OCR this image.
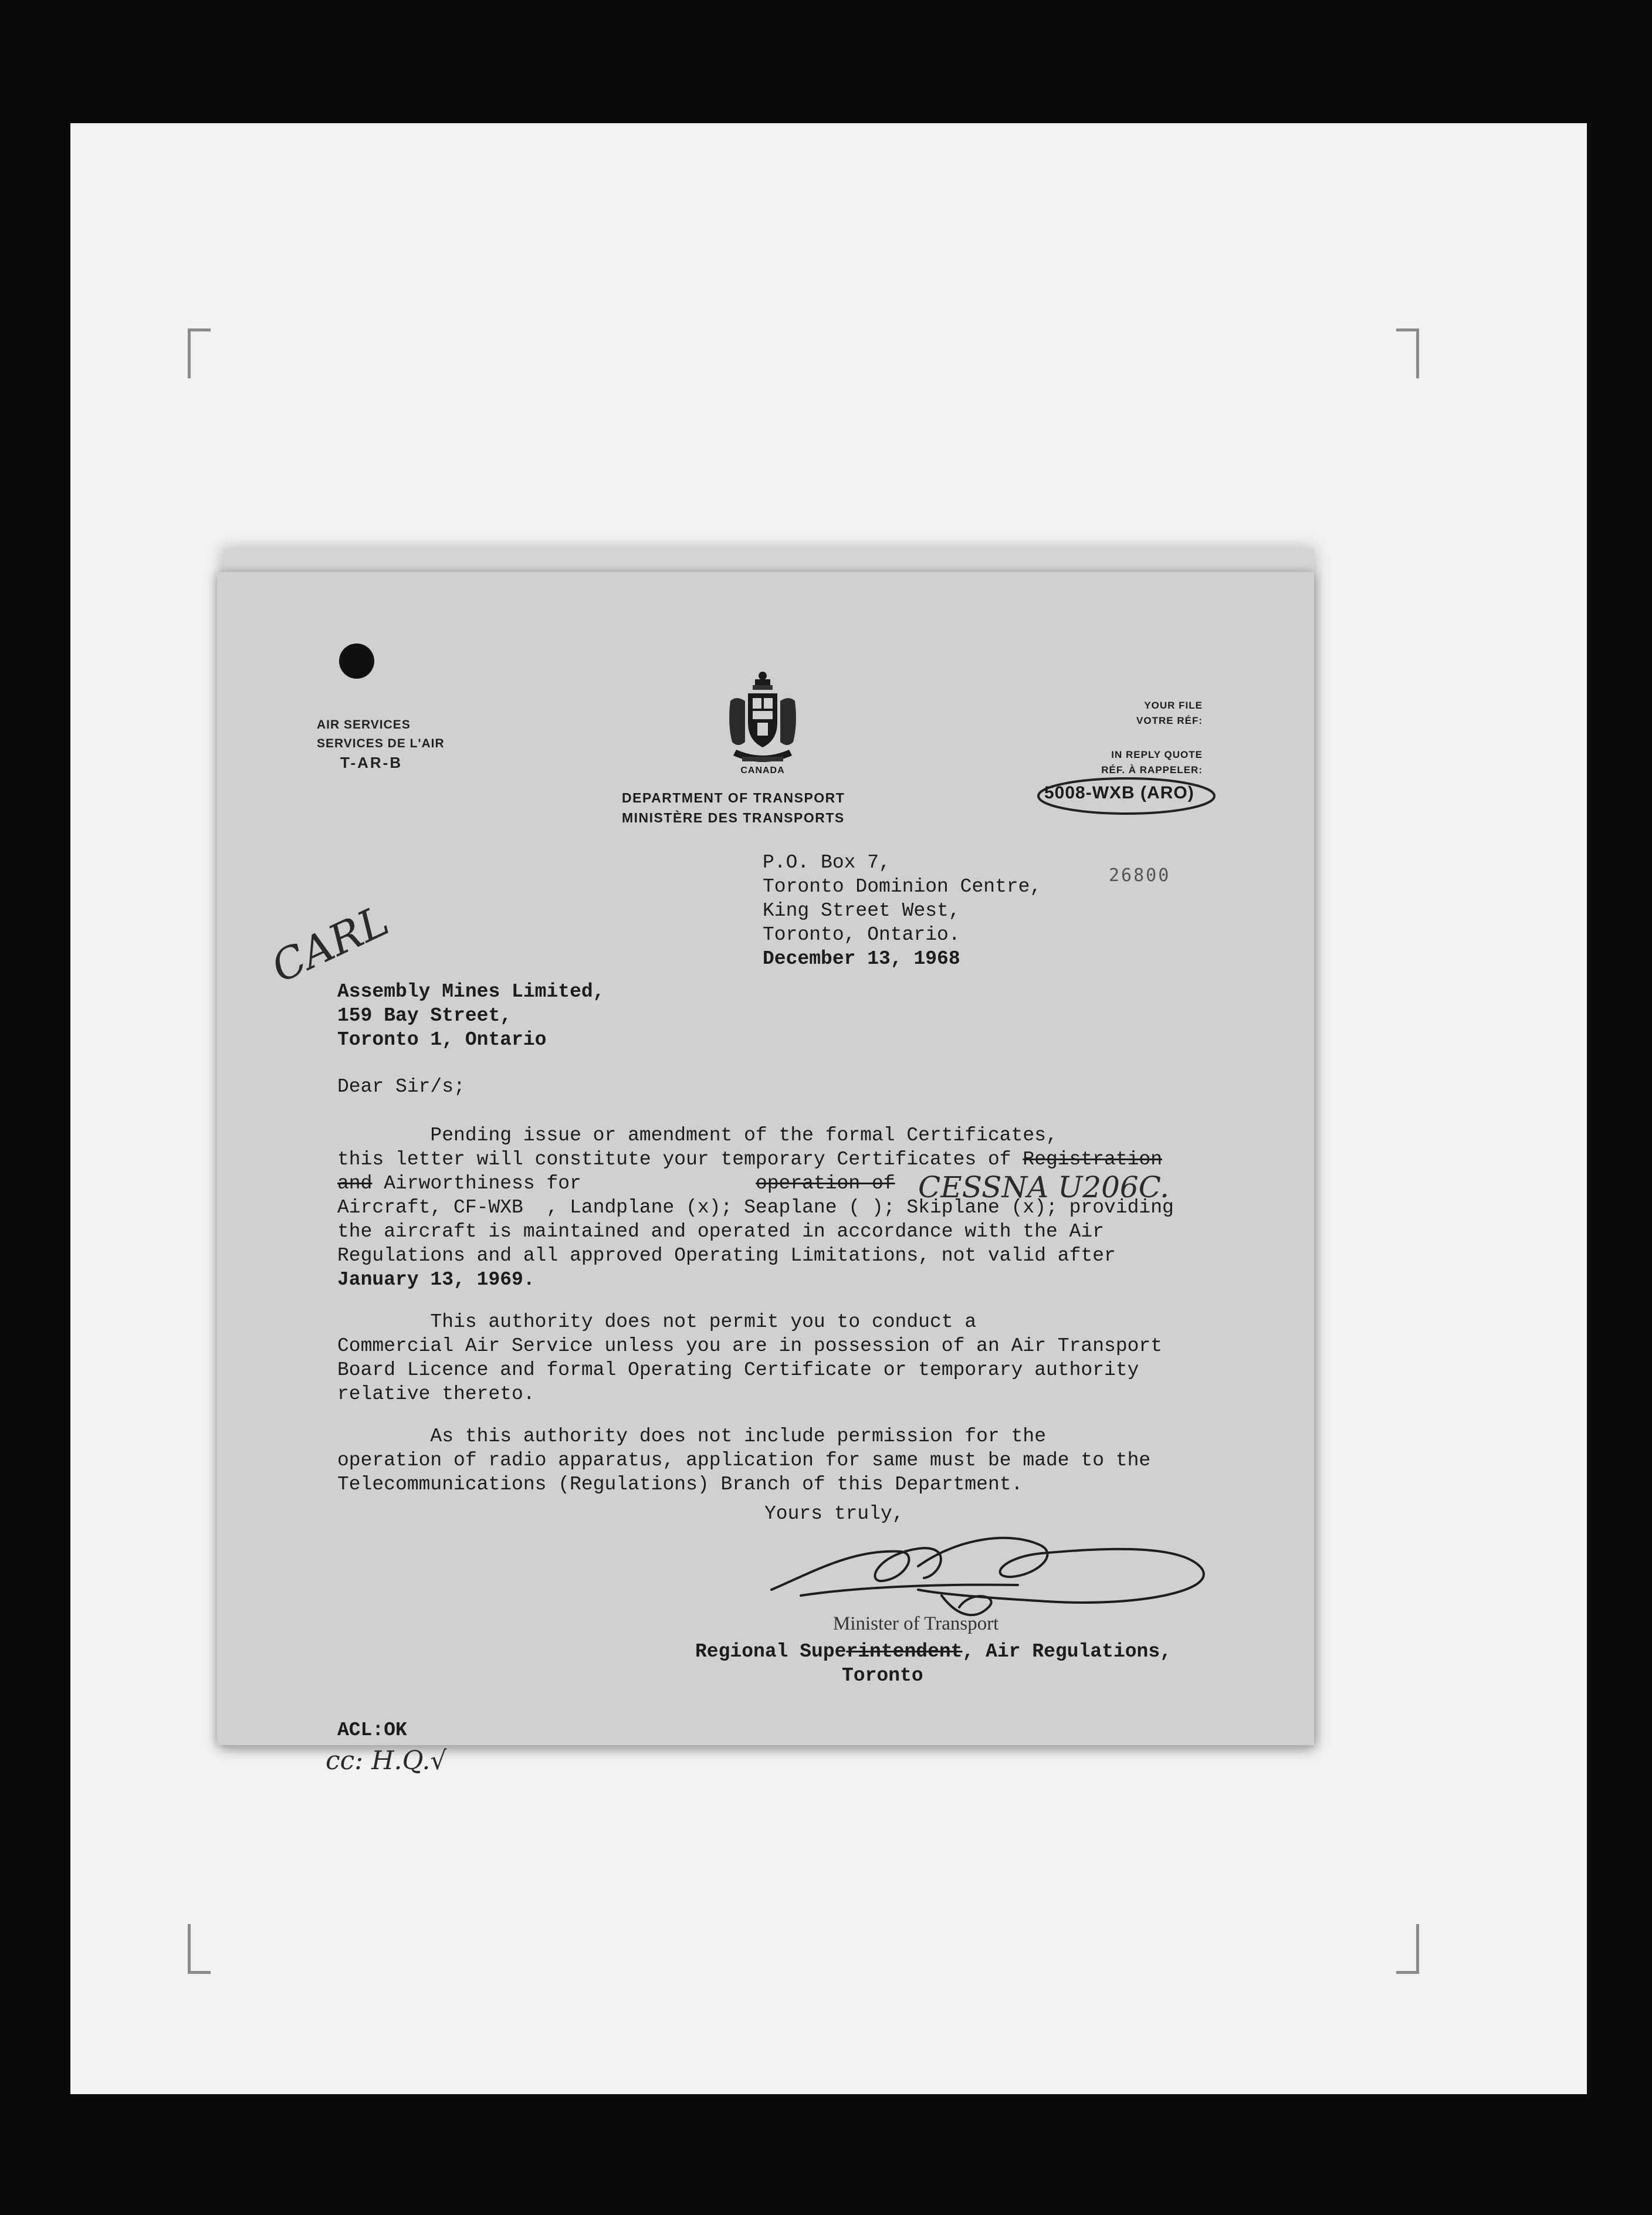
AIR SERVICES
SERVICES DE L'AIR
T-AR-B	CANADA
DEPARTMENT OF TRANSPORT
MINISTÈRE DES TRANSPORTS
YOUR FILE
VOTRE RÉF:
IN REPLY QUOTE
RÉF. À RAPPELER:
5008-WXB (ARO)
26800
CARL
P.O. Box 7,
Toronto Dominion Centre,
King Street West,
Toronto, Ontario.
December 13, 1968
Assembly Mines Limited,
159 Bay Street,
Toronto 1, Ontario
Dear Sir/s;
Pending issue or amendment of the formal Certificates,
this letter will constitute your temporary Certificates of Registration
and Airworthiness for               operation of
Aircraft, CF-WXB  , Landplane (x); Seaplane ( ); Skiplane (x); providing
the aircraft is maintained and operated in accordance with the Air
Regulations and all approved Operating Limitations, not valid after
January 13, 1969.
This authority does not permit you to conduct a
Commercial Air Service unless you are in possession of an Air Transport
Board Licence and formal Operating Certificate or temporary authority
relative thereto.
As this authority does not include permission for the
operation of radio apparatus, application for same must be made to the
Telecommunications (Regulations) Branch of this Department.
CESSNA U206C.
Yours truly,
Minister of Transport
Regional Superintendent, Air Regulations,
Toronto
ACL:OK
cc: H.Q.√
